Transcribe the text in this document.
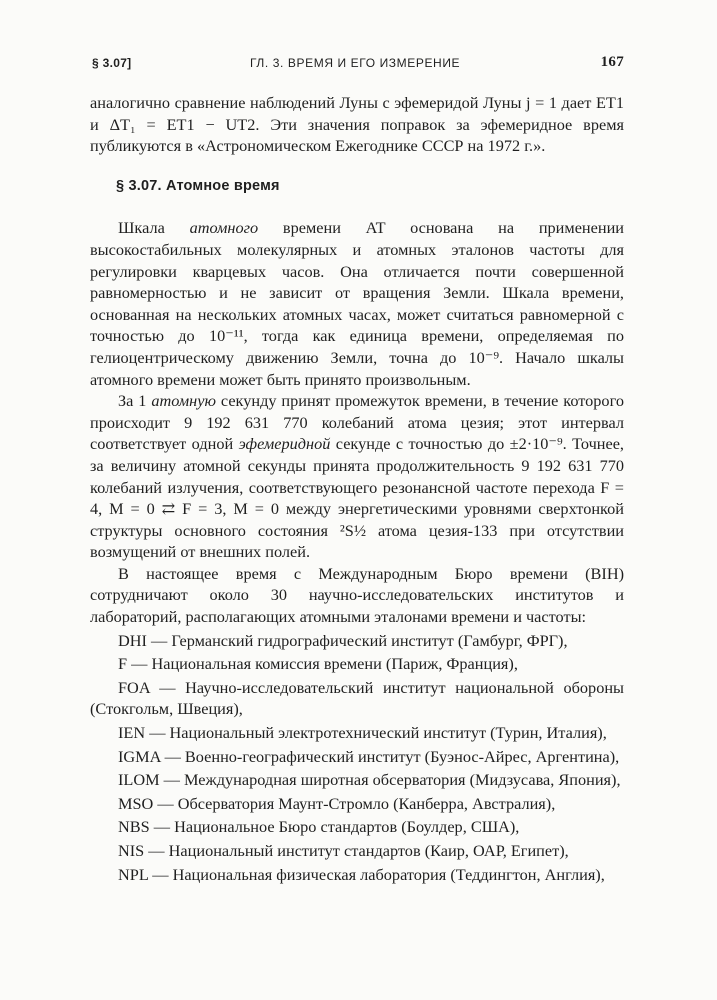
§ 3.07]	ГЛ. 3. ВРЕМЯ И ЕГО ИЗМЕРЕНИЕ	167

аналогично сравнение наблюдений Луны с эфемеридой Луны j = 1 дает ET1 и ΔT₁ = ET1 − UT2. Эти значения поправок за эфемеридное время публикуются в «Астрономическом Ежегоднике СССР на 1972 г.».

§ 3.07. Атомное время

Шкала атомного времени AT основана на применении высокостабильных молекулярных и атомных эталонов частоты для регулировки кварцевых часов. Она отличается почти совершенной равномерностью и не зависит от вращения Земли. Шкала времени, основанная на нескольких атомных часах, может считаться равномерной с точностью до 10⁻¹¹, тогда как единица времени, определяемая по гелиоцентрическому движению Земли, точна до 10⁻⁹. Начало шкалы атомного времени может быть принято произвольным.

За 1 атомную секунду принят промежуток времени, в течение которого происходит 9 192 631 770 колебаний атома цезия; этот интервал соответствует одной эфемеридной секунде с точностью до ±2·10⁻⁹. Точнее, за величину атомной секунды принята продолжительность 9 192 631 770 колебаний излучения, соответствующего резонансной частоте перехода F = 4, M = 0 ⇄ F = 3, M = 0 между энергетическими уровнями сверхтонкой структуры основного состояния ²S½ атома цезия-133 при отсутствии возмущений от внешних полей.

В настоящее время с Международным Бюро времени (BIH) сотрудничают около 30 научно-исследовательских институтов и лабораторий, располагающих атомными эталонами времени и частоты:

DHI — Германский гидрографический институт (Гамбург, ФРГ),

F — Национальная комиссия времени (Париж, Франция),

FOA — Научно-исследовательский институт национальной обороны (Стокгольм, Швеция),

IEN — Национальный электротехнический институт (Турин, Италия),

IGMA — Военно-географический институт (Буэнос-Айрес, Аргентина),

ILOM — Международная широтная обсерватория (Мидзусава, Япония),

MSO — Обсерватория Маунт-Стромло (Канберра, Австралия),

NBS — Национальное Бюро стандартов (Боулдер, США),

NIS — Национальный институт стандартов (Каир, ОАР, Египет),

NPL — Национальная физическая лаборатория (Теддингтон, Англия),
